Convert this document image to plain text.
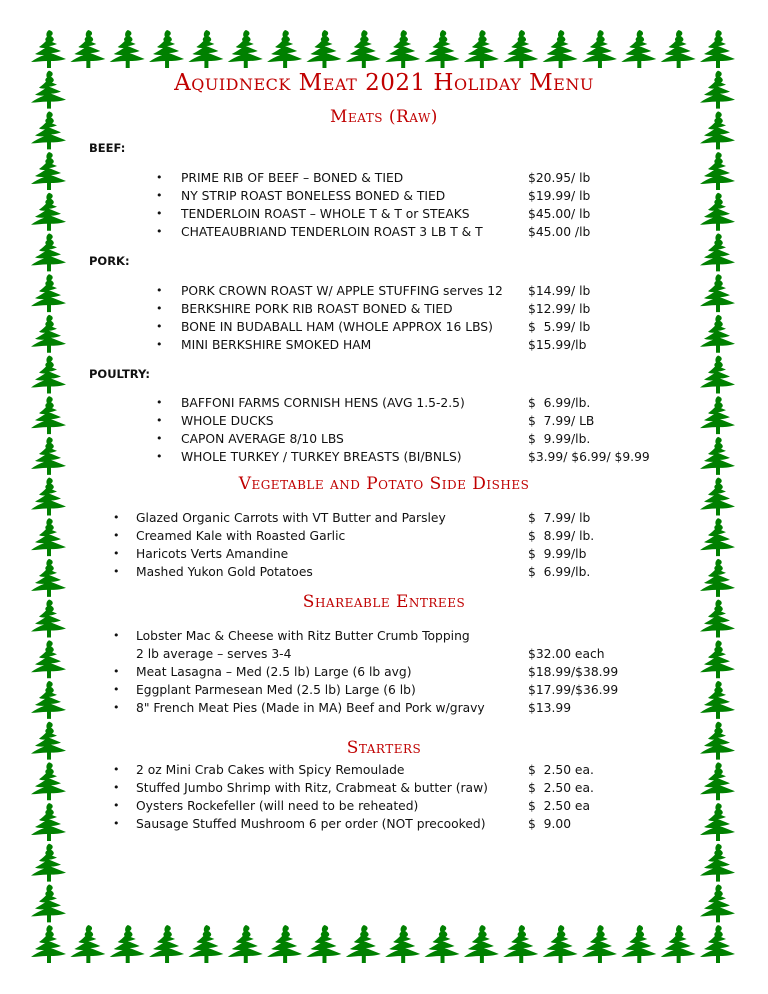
Aquidneck Meat 2021 Holiday Menu
Meats (Raw)
BEEF:
• PRIME RIB OF BEEF – BONED & TIED	$20.95/ lb
• NY STRIP ROAST BONELESS BONED & TIED	$19.99/ lb
• TENDERLOIN ROAST – WHOLE T & T or STEAKS	$45.00/ lb
• CHATEAUBRIAND TENDERLOIN ROAST 3 LB T & T	$45.00 /lb
PORK:
• PORK CROWN ROAST W/ APPLE STUFFING serves 12 $14.99/ lb
• BERKSHIRE PORK RIB ROAST BONED & TIED	$12.99/ lb
• BONE IN BUDABALL HAM (WHOLE APPROX 16 LBS)	$  5.99/ lb
• MINI BERKSHIRE SMOKED HAM	$15.99/lb
POULTRY:
• BAFFONI FARMS CORNISH HENS (AVG 1.5-2.5)	$  6.99/lb.
• WHOLE DUCKS	$  7.99/ LB
• CAPON AVERAGE 8/10 LBS	$  9.99/lb.
• WHOLE TURKEY / TURKEY BREASTS (BI/BNLS)	$3.99/ $6.99/ $9.99
Vegetable and Potato Side Dishes
• Glazed Organic Carrots with VT Butter and Parsley	$  7.99/ lb
• Creamed Kale with Roasted Garlic	$  8.99/ lb.
• Haricots Verts Amandine	$  9.99/lb
• Mashed Yukon Gold Potatoes	$  6.99/lb.
Shareable Entrees
• Lobster Mac & Cheese with Ritz Butter Crumb Topping
2 lb average – serves 3-4	$32.00 each
• Meat Lasagna – Med (2.5 lb) Large (6 lb avg)	$18.99/$38.99
• Eggplant Parmesean Med (2.5 lb) Large (6 lb)	$17.99/$36.99
• 8" French Meat Pies (Made in MA) Beef and Pork w/gravy	$13.99
Starters
• 2 oz Mini Crab Cakes with Spicy Remoulade	$  2.50 ea.
• Stuffed Jumbo Shrimp with Ritz, Crabmeat & butter (raw)	$  2.50 ea.
• Oysters Rockefeller (will need to be reheated)	$  2.50 ea
• Sausage Stuffed Mushroom 6 per order (NOT precooked)	$  9.00
